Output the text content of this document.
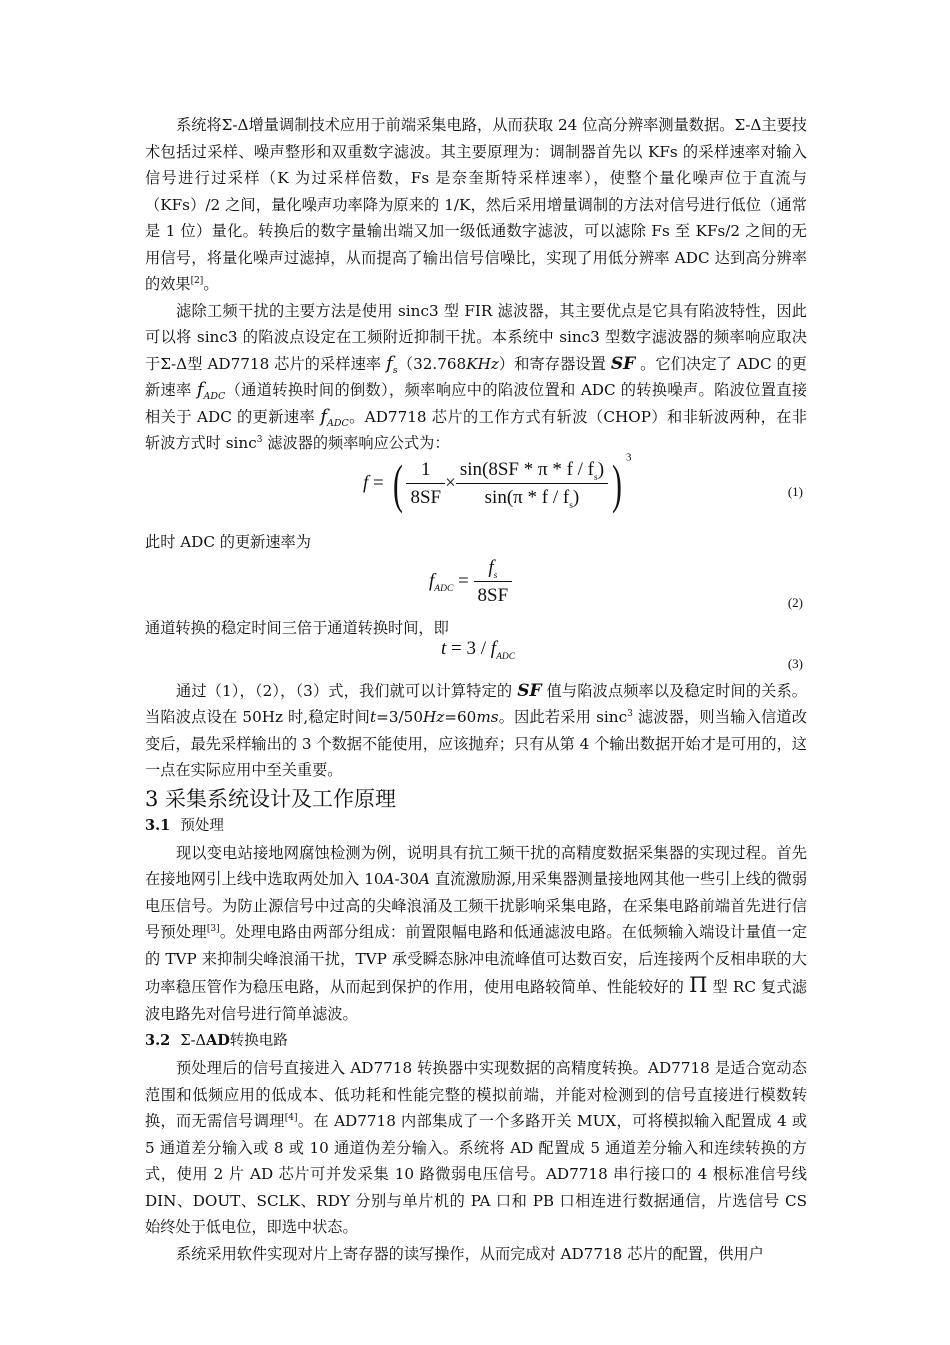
系统将Σ-Δ增量调制技术应用于前端采集电路，从而获取 24 位高分辨率测量数据。Σ-Δ主要技术包括过采样、噪声整形和双重数字滤波。其主要原理为：调制器首先以 KFs 的采样速率对输入信号进行过采样（K 为过采样倍数，Fs 是奈奎斯特采样速率），使整个量化噪声位于直流与（KFs）/2 之间，量化噪声功率降为原来的 1/K，然后采用增量调制的方法对信号进行低位（通常是 1 位）量化。转换后的数字量输出端又加一级低通数字滤波，可以滤除 Fs 至 KFs/2 之间的无用信号，将量化噪声过滤掉，从而提高了输出信号信噪比，实现了用低分辨率 ADC 达到高分辨率的效果[2]。

滤除工频干扰的主要方法是使用 sinc3 型 FIR 滤波器，其主要优点是它具有陷波特性，因此可以将 sinc3 的陷波点设定在工频附近抑制干扰。本系统中 sinc3 型数字滤波器的频率响应取决于Σ-Δ型 AD7718 芯片的采样速率 $f_s(32.768KHz)$和寄存器设置 SF 。它们决定了 ADC 的更新速率 $f_{ADC}$（通道转换时间的倒数），频率响应中的陷波位置和 ADC 的转换噪声。陷波位置直接相关于 ADC 的更新速率 $f_{ADC}$。AD7718 芯片的工作方式有斩波（CHOP）和非斩波两种，在非斩波方式时 sinc$^3$ 滤波器的频率响应公式为：

f = ( $\frac{1}{8SF} \times \frac{\sin(8SF * \pi * f / f_s)}{\sin(\pi * f / f_s)}$ ) $^3$
(1)

此时 ADC 的更新速率为

$f_{ADC} = \frac{f_s}{8SF}$	(2)

通道转换的稳定时间三倍于通道转换时间，即

$t = 3 / f_{ADC}$	(3)

通过（1），（2），（3）式，我们就可以计算特定的 SF 值与陷波点频率以及稳定时间的关系。当陷波点设在 50Hz 时,稳定时间t=3/50Hz=60ms。因此若采用 sinc$^3$ 滤波器，则当输入信道改变后，最先采样输出的 3 个数据不能使用，应该抛弃；只有从第 4 个输出数据开始才是可用的，这一点在实际应用中至关重要。

3 采集系统设计及工作原理
3.1 预处理

现以变电站接地网腐蚀检测为例，说明具有抗工频干扰的高精度数据采集器的实现过程。首先在接地网引上线中选取两处加入 10A-30A 直流激励源,用采集器测量接地网其他一些引上线的微弱电压信号。为防止源信号中过高的尖峰浪涌及工频干扰影响采集电路，在采集电路前端首先进行信号预处理[3]。处理电路由两部分组成：前置限幅电路和低通滤波电路。在低频输入端设计量值一定的 TVP 来抑制尖峰浪涌干扰，TVP 承受瞬态脉冲电流峰值可达数百安，后连接两个反相串联的大功率稳压管作为稳压电路，从而起到保护的作用，使用电路较简单、性能较好的 Π 型 RC 复式滤波电路先对信号进行简单滤波。

3.2 Σ-ΔAD转换电路

预处理后的信号直接进入 AD7718 转换器中实现数据的高精度转换。AD7718 是适合宽动态范围和低频应用的低成本、低功耗和性能完整的模拟前端，并能对检测到的信号直接进行模数转换，而无需信号调理[4]。在 AD7718 内部集成了一个多路开关 MUX，可将模拟输入配置成 4 或 5 通道差分输入或 8 或 10 通道伪差分输入。系统将 AD 配置成 5 通道差分输入和连续转换的方式，使用 2 片 AD 芯片可并发采集 10 路微弱电压信号。AD7718 串行接口的 4 根标准信号线 DIN、DOUT、SCLK、RDY 分别与单片机的 PA 口和 PB 口相连进行数据通信，片选信号 CS 始终处于低电位，即选中状态。

系统采用软件实现对片上寄存器的读写操作，从而完成对 AD7718 芯片的配置，供用户
